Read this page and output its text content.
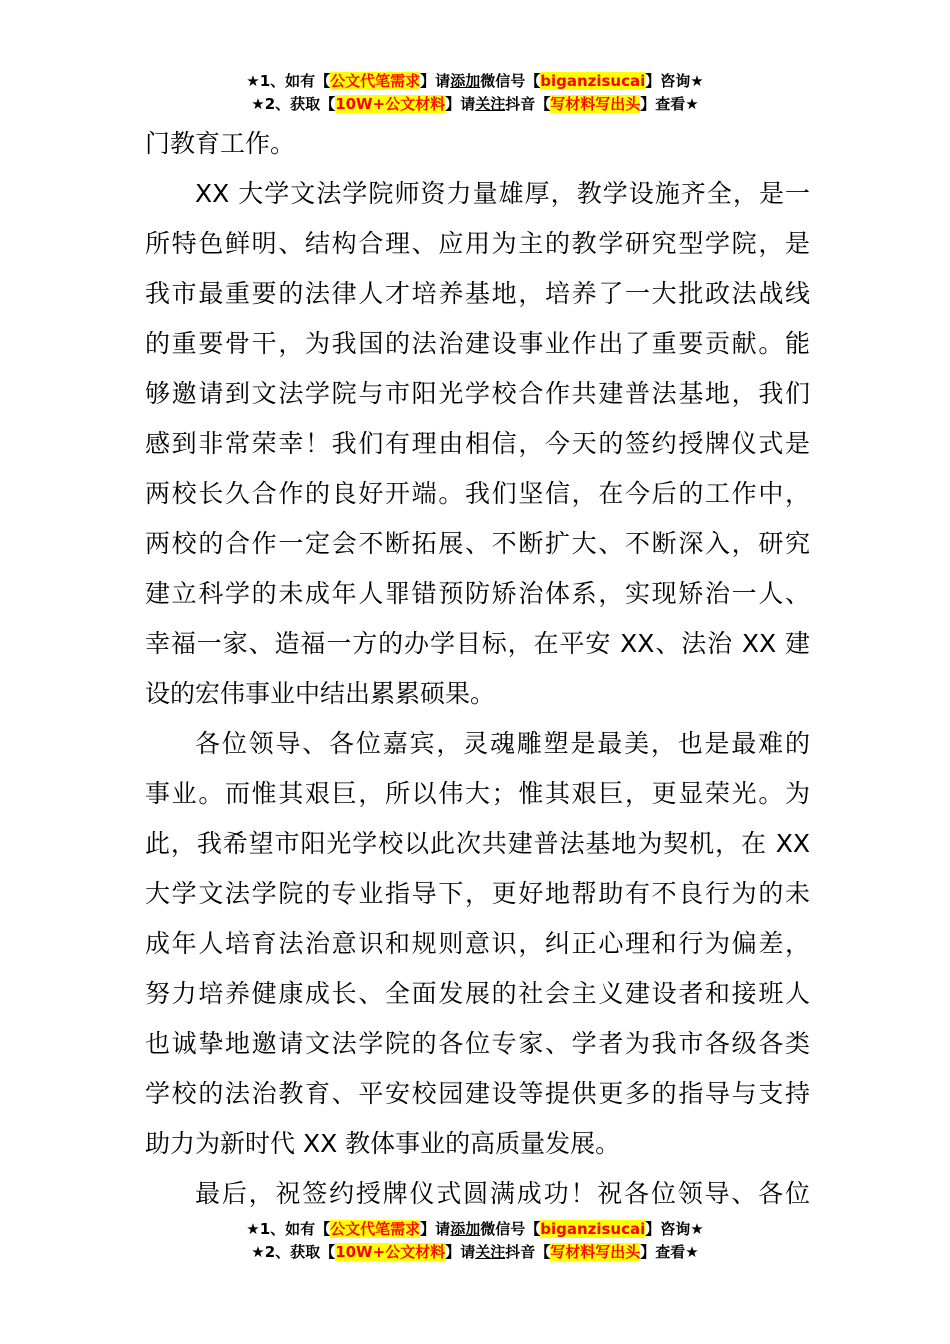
★1、如有【公文代笔需求】请添加微信号【biganzisucai】咨询★
★2、获取【10W+公文材料】请关注抖音【写材料写出头】查看★
门教育工作。
XX 大学文法学院师资力量雄厚，教学设施齐全，是一
所特色鲜明、结构合理、应用为主的教学研究型学院，是
我市最重要的法律人才培养基地，培养了一大批政法战线
的重要骨干，为我国的法治建设事业作出了重要贡献。能
够邀请到文法学院与市阳光学校合作共建普法基地，我们
感到非常荣幸！我们有理由相信，今天的签约授牌仪式是
两校长久合作的良好开端。我们坚信，在今后的工作中，
两校的合作一定会不断拓展、不断扩大、不断深入，研究
建立科学的未成年人罪错预防矫治体系，实现矫治一人、
幸福一家、造福一方的办学目标，在平安 XX、法治 XX 建
设的宏伟事业中结出累累硕果。
各位领导、各位嘉宾，灵魂雕塑是最美，也是最难的
事业。而惟其艰巨，所以伟大；惟其艰巨，更显荣光。为
此，我希望市阳光学校以此次共建普法基地为契机，在 XX
大学文法学院的专业指导下，更好地帮助有不良行为的未
成年人培育法治意识和规则意识，纠正心理和行为偏差，
努力培养健康成长、全面发展的社会主义建设者和接班人
也诚挚地邀请文法学院的各位专家、学者为我市各级各类
学校的法治教育、平安校园建设等提供更多的指导与支持
助力为新时代 XX 教体事业的高质量发展。
最后，祝签约授牌仪式圆满成功！祝各位领导、各位
★1、如有【公文代笔需求】请添加微信号【biganzisucai】咨询★
★2、获取【10W+公文材料】请关注抖音【写材料写出头】查看★
